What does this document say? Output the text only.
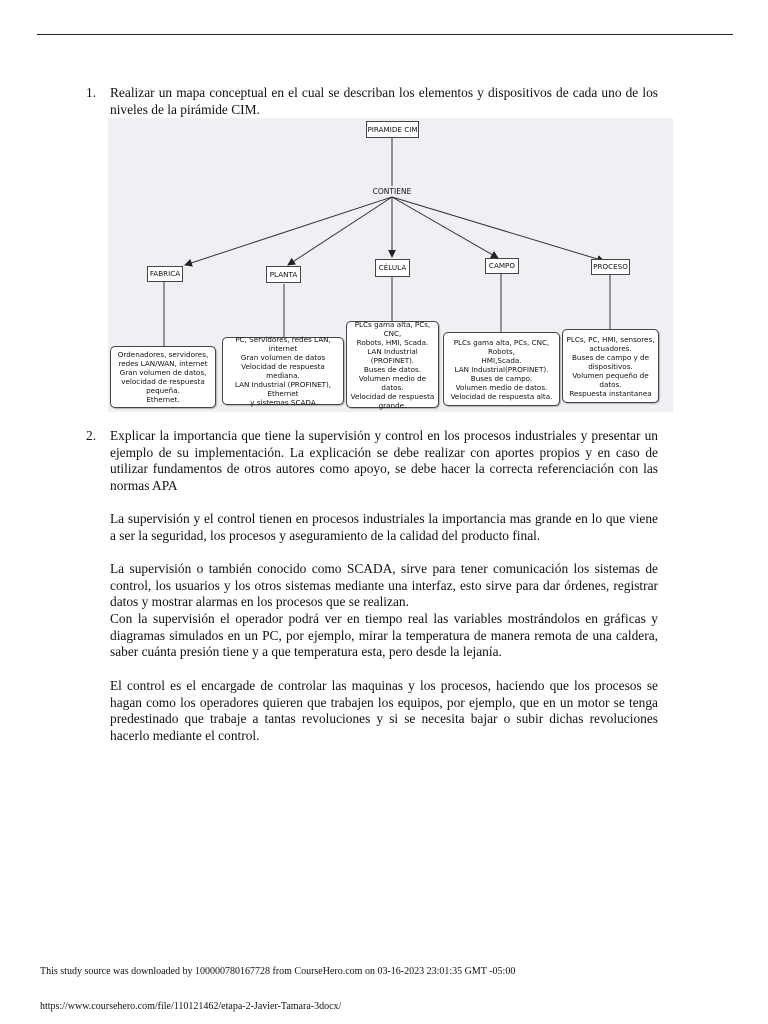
1. Realizar un mapa conceptual en el cual se describan los elementos y dispositivos de cada uno de los niveles de la pirámide CIM.
PIRAMIDE CIM
CONTIENE
FABRICA	PLANTA
CÉLULA	CAMPO	PROCESO
Ordenadores, servidores,
redes LAN/WAN, internet
Gran volumen de datos,
velocidad de respuesta pequeña.
Ethernet.
PC, Servidores, redes LAN, internet
Gran volumen de datos
Velocidad de respuesta mediana.
LAN Industrial (PROFINET), Ethernet
y sistemas SCADA
PLCs gama alta, PCs, CNC,
Robots, HMI, Scada.
LAN Industrial (PROFINET).
Buses de datos.
Volumen medio de datos.
Velocidad de respuesta
grande.
PLCs gama alta, PCs, CNC, Robots,
HMI,Scada.
LAN Industrial(PROFINET).
Buses de campo.
Volumen medio de datos.
Velocidad de respuesta alta.
PLCs, PC, HMI, sensores,
actuadores.
Buses de campo y de
dispositivos.
Volumen pequeño de datos.
Respuesta instantanea
2. Explicar la importancia que tiene la supervisión y control en los procesos industriales y presentar un ejemplo de su implementación. La explicación se debe realizar con aportes propios y en caso de utilizar fundamentos de otros autores como apoyo, se debe hacer la correcta referenciación con las normas APA

La supervisión y el control tienen en procesos industriales la importancia mas grande en lo que viene a ser la seguridad, los procesos y aseguramiento de la calidad del producto final.

La supervisión o también conocido como SCADA, sirve para tener comunicación los sistemas de control, los usuarios y los otros sistemas mediante una interfaz, esto sirve para dar órdenes, registrar datos y mostrar alarmas en los procesos que se realizan.

Con la supervisión el operador podrá ver en tiempo real las variables mostrándolos en gráficas y diagramas simulados en un PC, por ejemplo, mirar la temperatura de manera remota de una caldera, saber cuánta presión tiene y a que temperatura esta, pero desde la lejanía.

El control es el encargade de controlar las maquinas y los procesos, haciendo que los procesos se hagan como los operadores quieren que trabajen los equipos, por ejemplo, que en un motor se tenga predestinado que trabaje a tantas revoluciones y si se necesita bajar o subir dichas revoluciones hacerlo mediante el control.

This study source was downloaded by 100000780167728 from CourseHero.com on 03-16-2023 23:01:35 GMT -05:00
https://www.coursehero.com/file/110121462/etapa-2-Javier-Tamara-3docx/
